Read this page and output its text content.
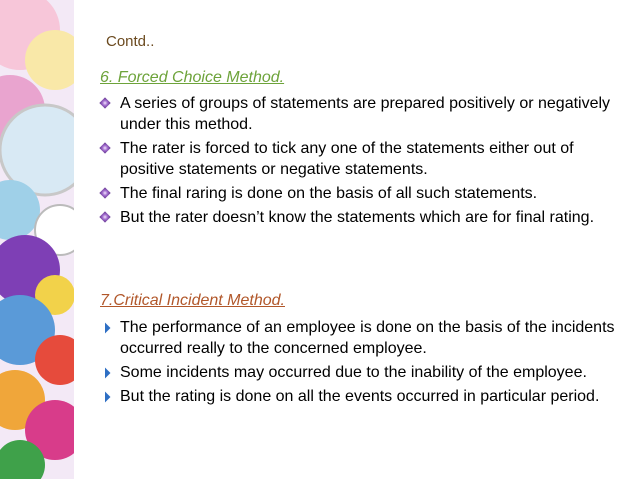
Contd..
6. Forced Choice Method.
A series of groups of statements are prepared positively or negatively under this method.
The rater is forced to tick any one of the statements either out of positive statements or negative statements.
The final raring is done on the basis of all such statements.
But the rater doesn’t know the statements which are for final rating.
7.Critical Incident Method.
The performance of an employee is done on the basis of the incidents occurred really to the concerned employee.
Some incidents may occurred due to the inability of the employee.
But the rating is done on all the events occurred in particular period.
